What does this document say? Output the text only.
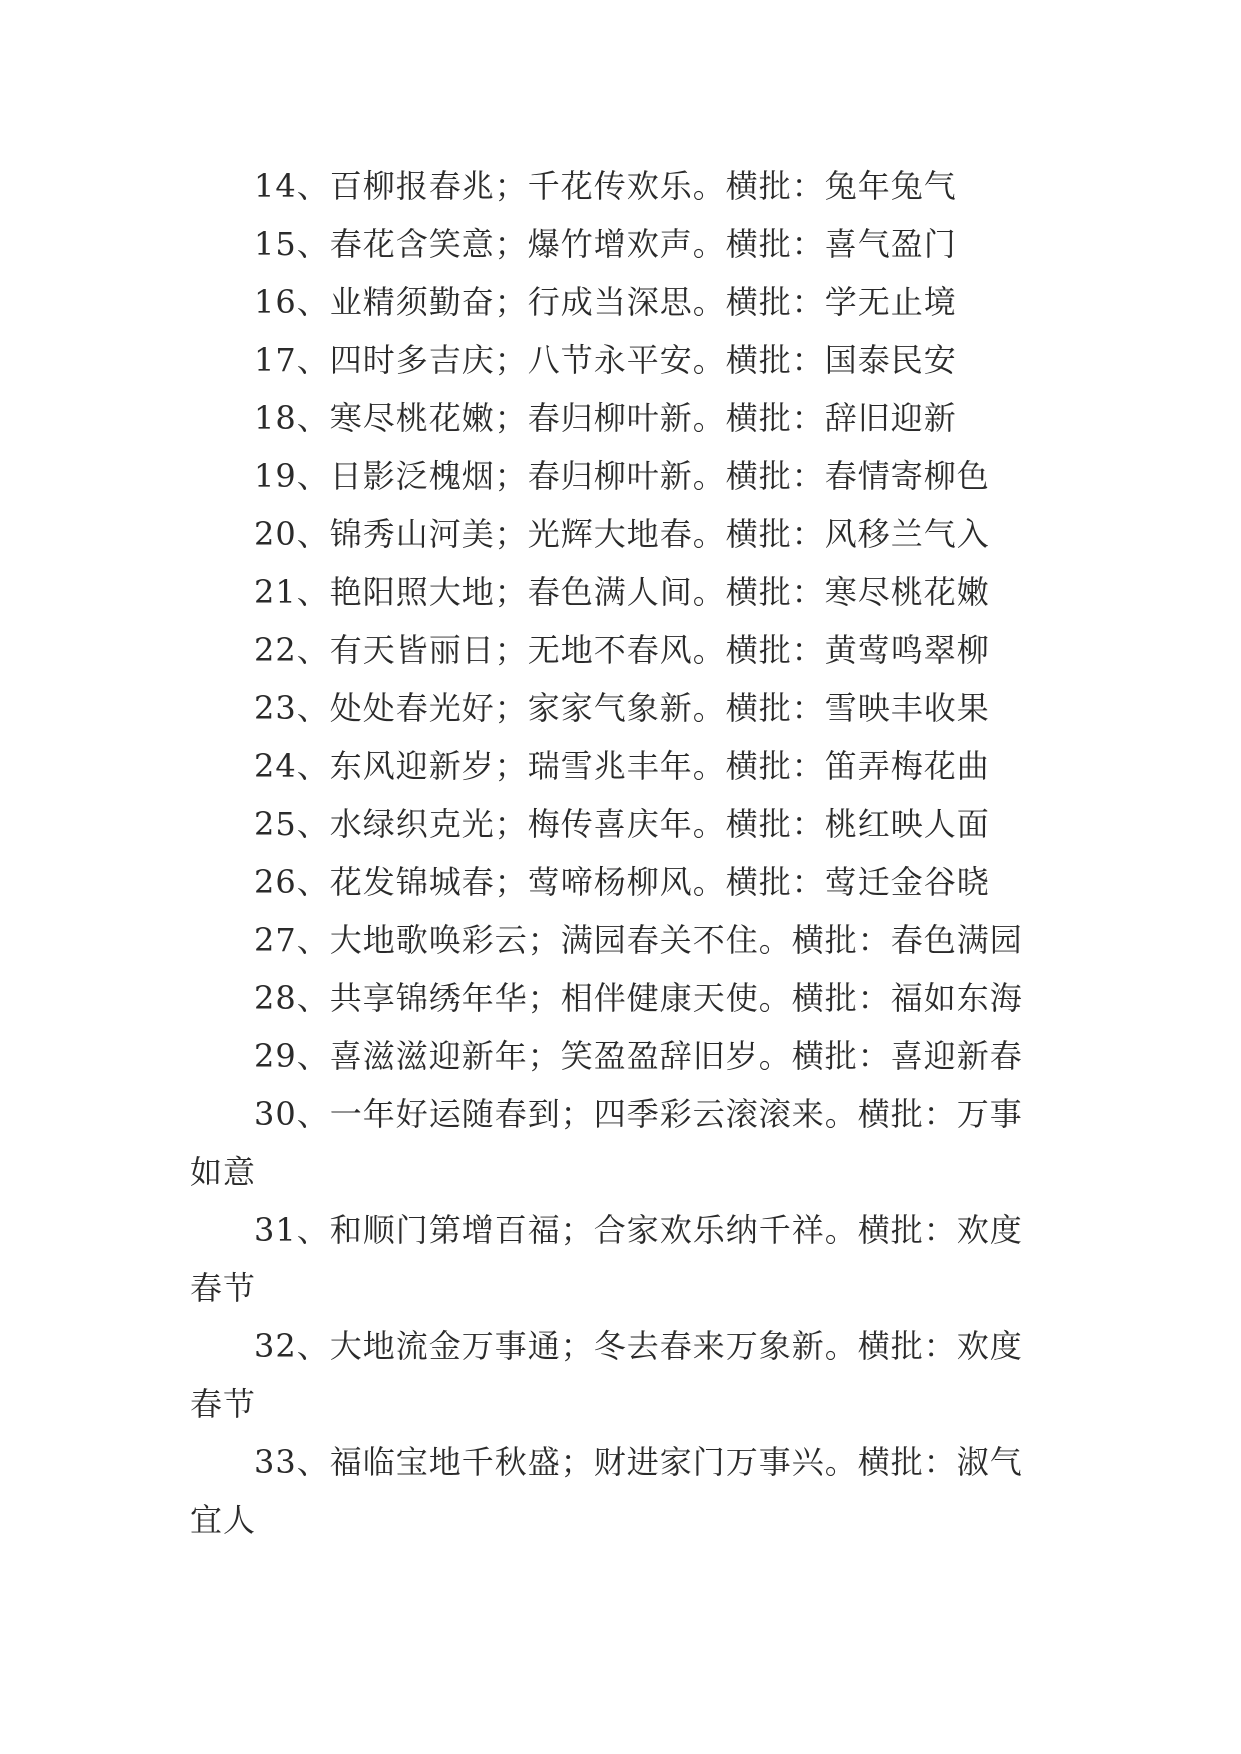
14、百柳报春兆；千花传欢乐。横批：兔年兔气

15、春花含笑意；爆竹增欢声。横批：喜气盈门

16、业精须勤奋；行成当深思。横批：学无止境

17、四时多吉庆；八节永平安。横批：国泰民安

18、寒尽桃花嫩；春归柳叶新。横批：辞旧迎新

19、日影泛槐烟；春归柳叶新。横批：春情寄柳色

20、锦秀山河美；光辉大地春。横批：风移兰气入

21、艳阳照大地；春色满人间。横批：寒尽桃花嫩

22、有天皆丽日；无地不春风。横批：黄莺鸣翠柳

23、处处春光好；家家气象新。横批：雪映丰收果

24、东风迎新岁；瑞雪兆丰年。横批：笛弄梅花曲

25、水绿织克光；梅传喜庆年。横批：桃红映人面

26、花发锦城春；莺啼杨柳风。横批：莺迁金谷晓

27、大地歌唤彩云；满园春关不住。横批：春色满园

28、共享锦绣年华；相伴健康天使。横批：福如东海

29、喜滋滋迎新年；笑盈盈辞旧岁。横批：喜迎新春

30、一年好运随春到；四季彩云滚滚来。横批：万事如意

31、和顺门第增百福；合家欢乐纳千祥。横批：欢度春节

32、大地流金万事通；冬去春来万象新。横批：欢度春节

33、福临宝地千秋盛；财进家门万事兴。横批：淑气宜人
